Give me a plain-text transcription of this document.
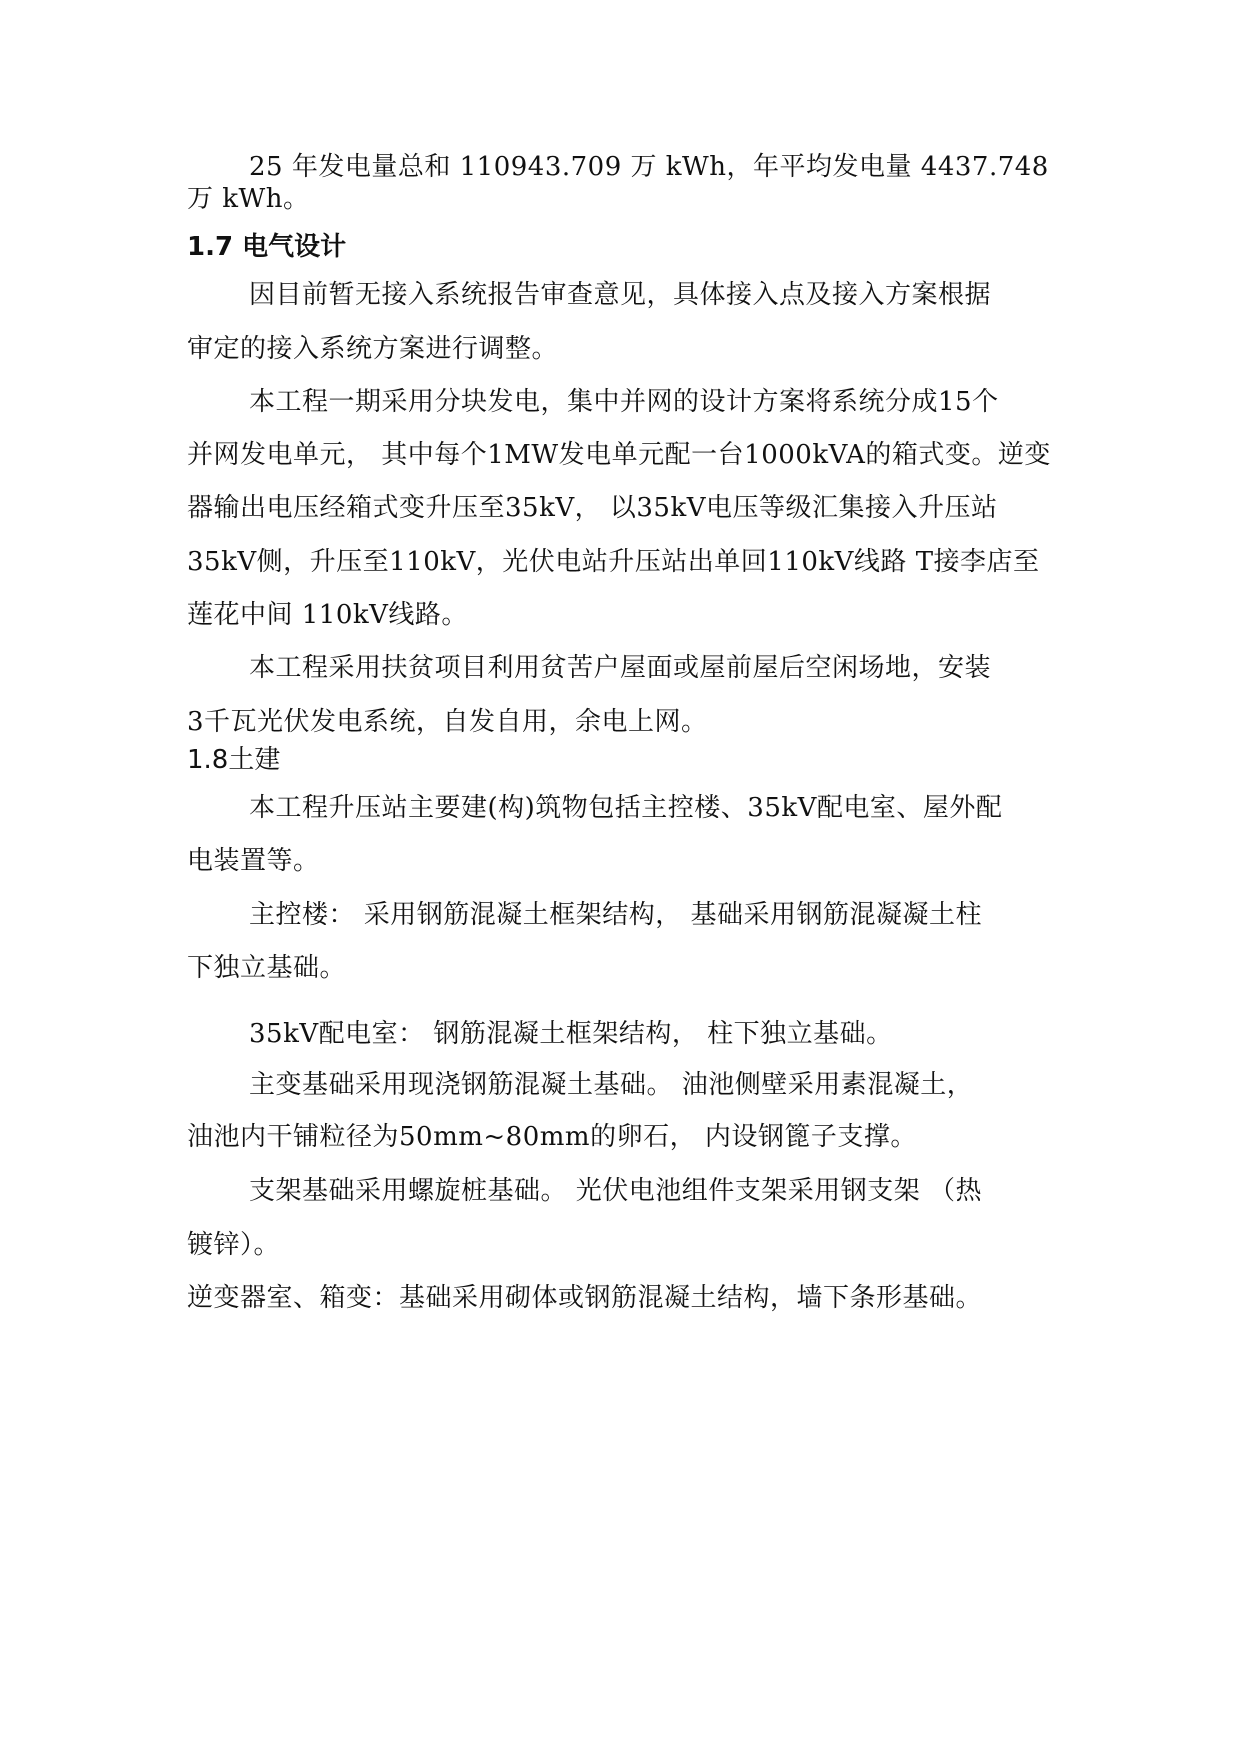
25 年发电量总和 110943.709 万 kWh，年平均发电量 4437.748
万 kWh。
1.7 电气设计
因目前暂无接入系统报告审查意见，具体接入点及接入方案根据
审定的接入系统方案进行调整。
本工程一期采用分块发电，集中并网的设计方案将系统分成15个
并网发电单元， 其中每个1MW发电单元配一台1000kVA的箱式变。逆变
器输出电压经箱式变升压至35kV， 以35kV电压等级汇集接入升压站
35kV侧，升压至110kV，光伏电站升压站出单回110kV线路 T接李店至
莲花中间 110kV线路。
本工程采用扶贫项目利用贫苦户屋面或屋前屋后空闲场地，安装
3千瓦光伏发电系统，自发自用，余电上网。
1.8土建
本工程升压站主要建(构)筑物包括主控楼、35kV配电室、屋外配
电装置等。
主控楼： 采用钢筋混凝土框架结构， 基础采用钢筋混凝凝土柱
下独立基础。
35kV配电室： 钢筋混凝土框架结构， 柱下独立基础。
主变基础采用现浇钢筋混凝土基础。 油池侧壁采用素混凝土，
油池内干铺粒径为50mm~80mm的卵石， 内设钢篦子支撑。
支架基础采用螺旋桩基础。 光伏电池组件支架采用钢支架 （热
镀锌）。
逆变器室、箱变：基础采用砌体或钢筋混凝土结构，墙下条形基础。
